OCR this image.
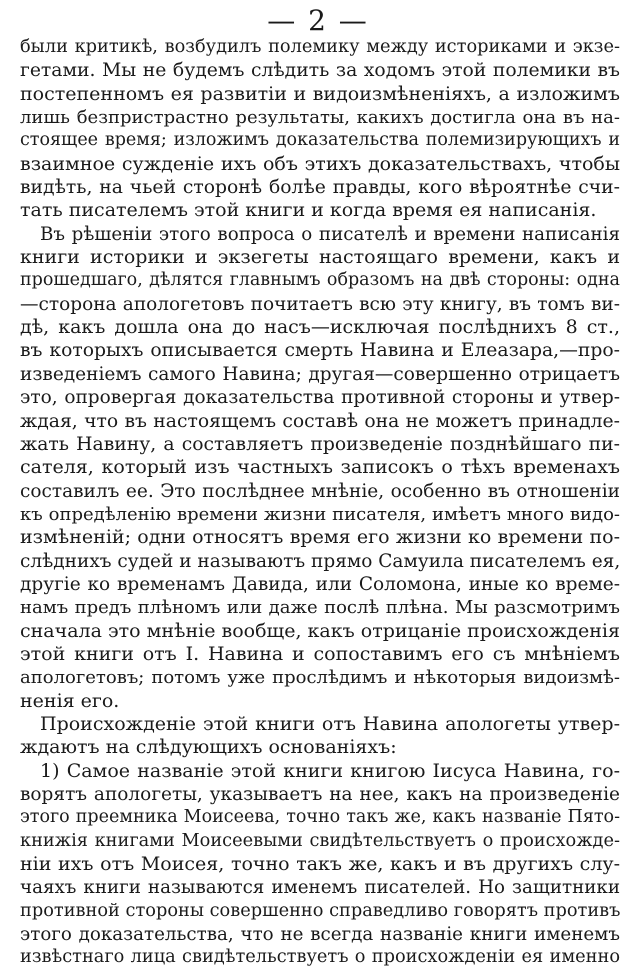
— 2 —
были критикѣ, возбудилъ полемику между историками и экзе-
гетами. Мы не будемъ слѣдить за ходомъ этой полемики въ
постепенномъ ея развитіи и видоизмѣненіяхъ, а изложимъ
лишь безпристрастно результаты, какихъ достигла она въ на-
стоящее время; изложимъ доказательства полемизирующихъ и
взаимное сужденіе ихъ объ этихъ доказательствахъ, чтобы
видѣть, на чьей сторонѣ болѣе правды, кого вѣроятнѣе счи-
тать писателемъ этой книги и когда время ея написанія.
Въ рѣшеніи этого вопроса о писателѣ и времени написанія
книги историки и экзегеты настоящаго времени, какъ и
прошедшаго, дѣлятся главнымъ образомъ на двѣ стороны: одна
—сторона апологетовъ почитаетъ всю эту книгу, въ томъ ви-
дѣ, какъ дошла она до насъ—исключая послѣднихъ 8 ст.,
въ которыхъ описывается смерть Навина и Елеазара,—про-
изведеніемъ самого Навина; другая—совершенно отрицаетъ
это, опровергая доказательства противной стороны и утвер-
ждая, что въ настоящемъ составѣ она не можетъ принадле-
жать Навину, а составляетъ произведеніе позднѣйшаго пи-
сателя, который изъ частныхъ записокъ о тѣхъ временахъ
составилъ ее. Это послѣднее мнѣніе, особенно въ отношеніи
къ опредѣленію времени жизни писателя, имѣетъ много видо-
измѣненій; одни относятъ время его жизни ко времени по-
слѣднихъ судей и называютъ прямо Самуила писателемъ ея,
другіе ко временамъ Давида, или Соломона, иные ко време-
намъ предъ плѣномъ или даже послѣ плѣна. Мы разсмотримъ
сначала это мнѣніе вообще, какъ отрицаніе происхожденія
этой книги отъ І. Навина и сопоставимъ его съ мнѣніемъ
апологетовъ; потомъ уже прослѣдимъ и нѣкоторыя видоизмѣ-
ненія его.
Происхожденіе этой книги отъ Навина апологеты утвер-
ждаютъ на слѣдующихъ основаніяхъ:
1) Самое названіе этой книги книгою Іисуса Навина, го-
ворятъ апологеты, указываетъ на нее, какъ на произведеніе
этого преемника Моисеева, точно такъ же, какъ названіе Пято-
книжія книгами Моисеевыми свидѣтельствуетъ о происхожде-
ніи ихъ отъ Моисея, точно такъ же, какъ и въ другихъ слу-
чаяхъ книги называются именемъ писателей. Но защитники
противной стороны совершенно справедливо говорятъ противъ
этого доказательства, что не всегда названіе книги именемъ
извѣстнаго лица свидѣтельствуетъ о происхожденіи ея именно
